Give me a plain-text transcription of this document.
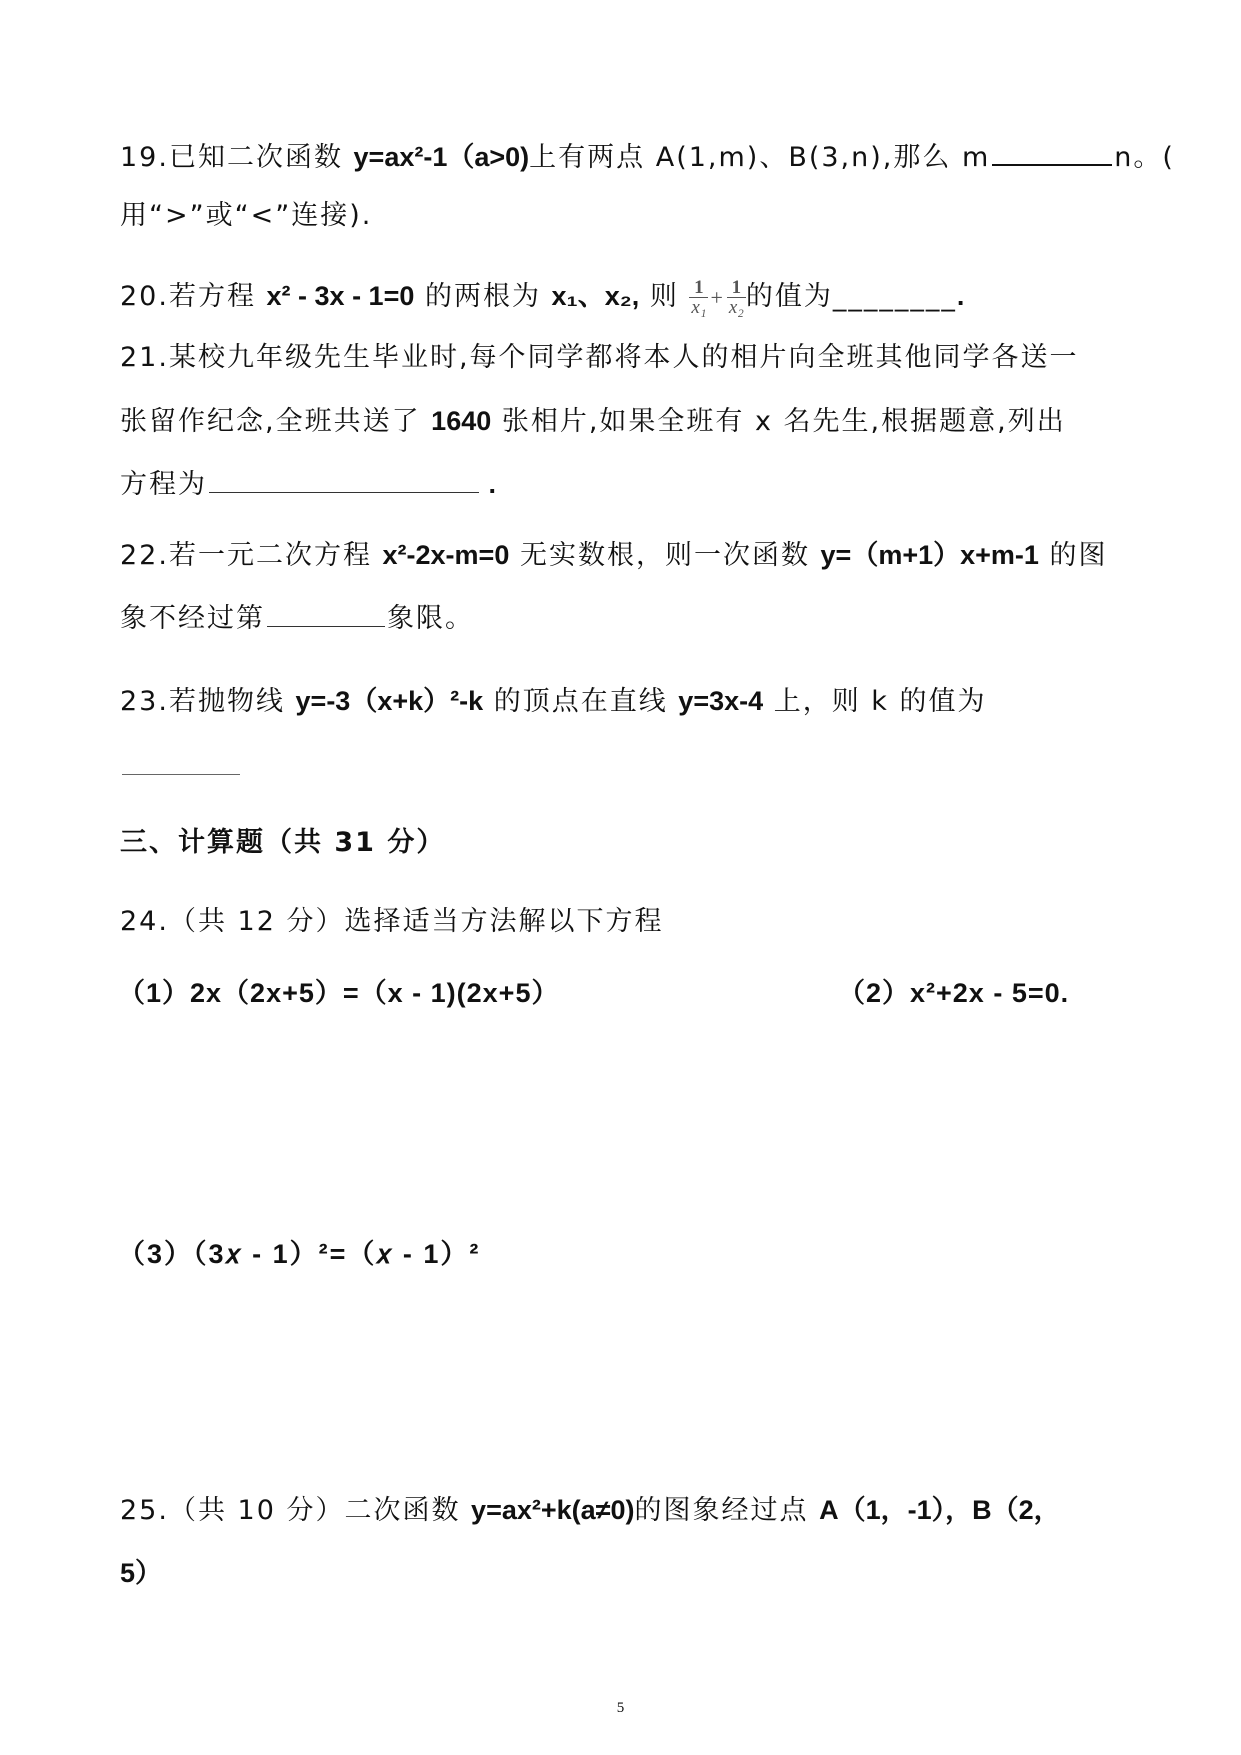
19.已知二次函数 y=ax²-1（a>0)上有两点 A(1,m)、B(3,n),那么 m	n。(
用“>”或“<”连接).
20.若方程 x² - 3x - 1=0 的两根为 x₁、x₂, 则 $\frac{1}{\text{x₁}} + \frac{1}{\text{x₂}}$ 的值为________.
21.某校九年级先生毕业时,每个同学都将本人的相片向全班其他同学各送一
张留作纪念,全班共送了 1640 张相片,如果全班有 x 名先生,根据题意,列出
方程为	.
22.若一元二次方程 x²-2x-m=0 无实数根，则一次函数 y=（m+1）x+m-1 的图
象不经过第	象限。
23.若抛物线 y=-3（x+k）²-k 的顶点在直线 y=3x-4 上，则 k 的值为
三、计算题（共 31 分）
24.（共 12 分）选择适当方法解以下方程
（1）2x（2x+5）=（x - 1)(2x+5）	（2）x²+2x - 5=0.
（3）（3𝑥 - 1）²=（𝑥 - 1）²
25.（共 10 分）二次函数 y=ax²+k(a≠0)的图象经过点 A（1，-1），B（2，
5）
5
